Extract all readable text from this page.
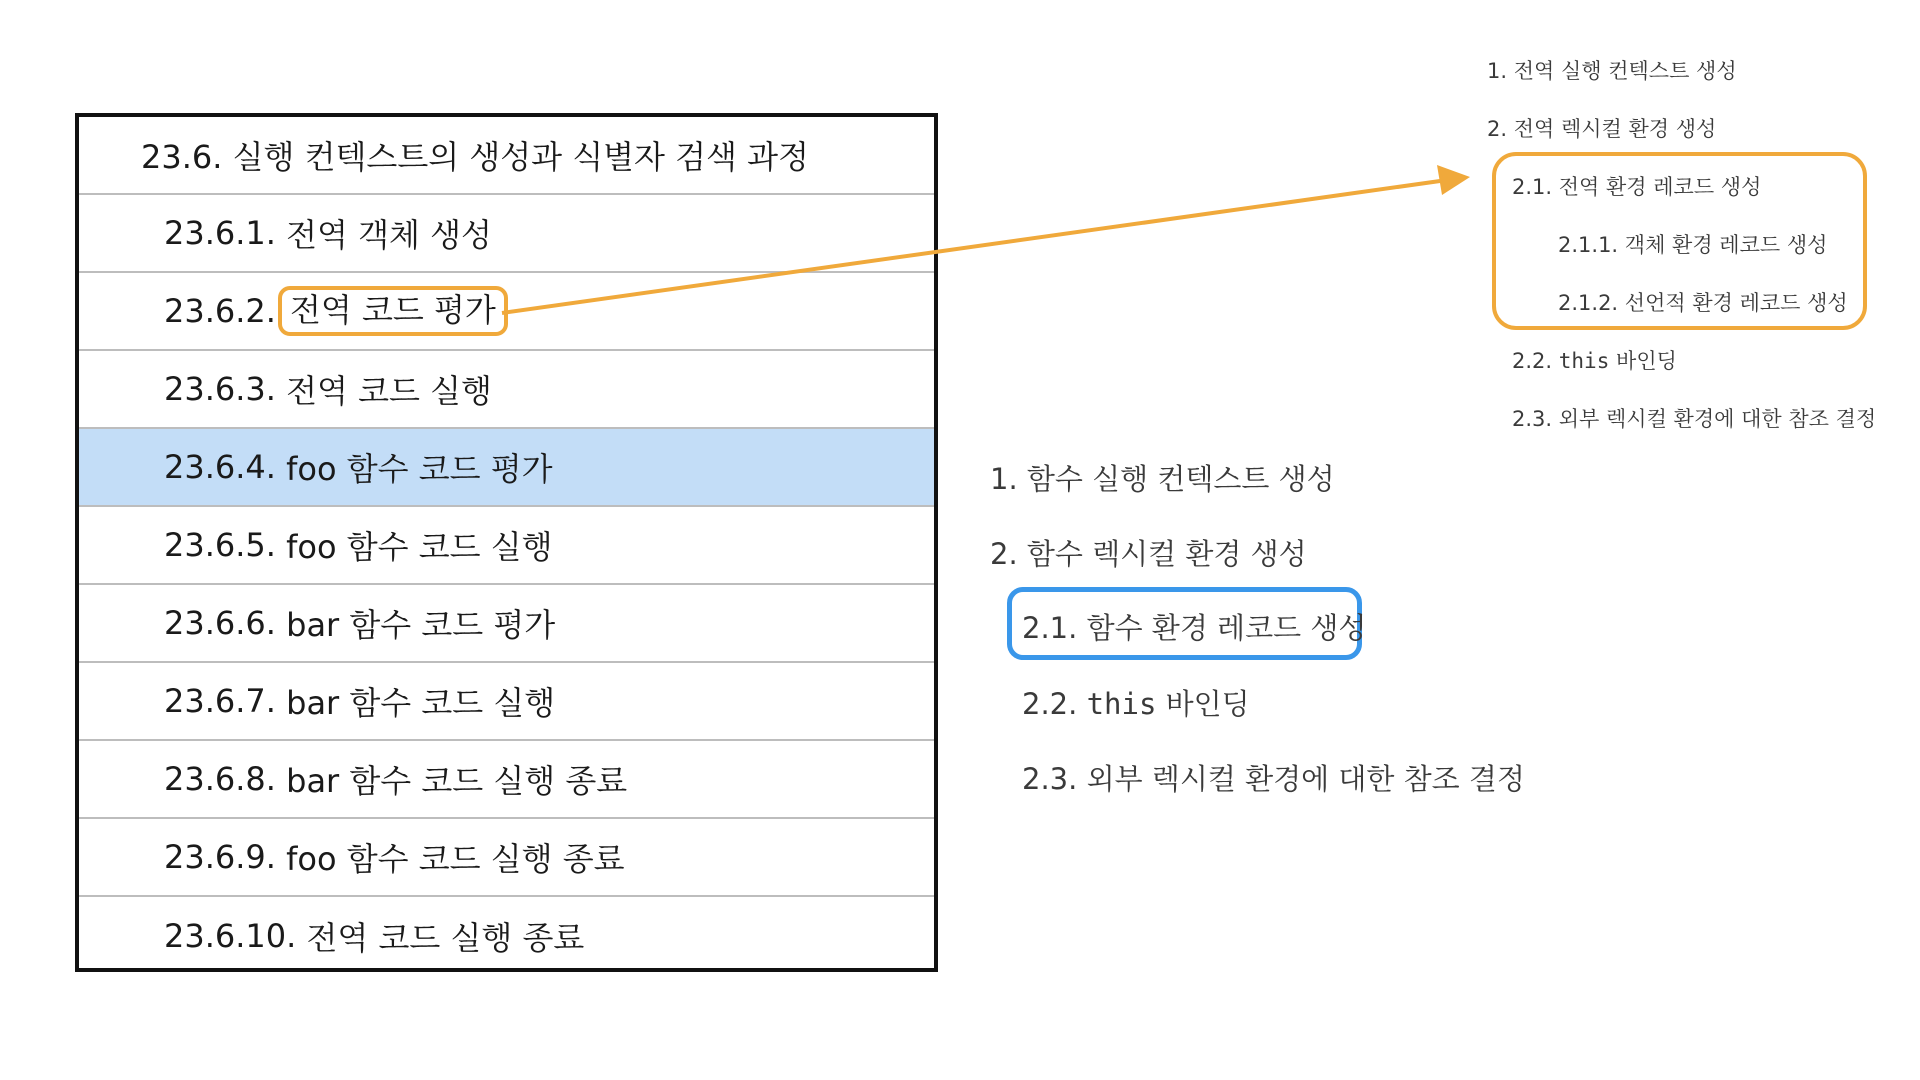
23.6. 실행 컨텍스트의 생성과 식별자 검색 과정
23.6.1.
전역 객체 생성
23.6.2. 전역 코드 평가
23.6.3.
전역 코드 실행
23.6.4.
foo 함수 코드 평가
23.6.5.
foo 함수 코드 실행
23.6.6.
bar 함수 코드 평가
23.6.7.
bar 함수 코드 실행
23.6.8.
bar 함수 코드 실행 종료
23.6.9.
foo 함수 코드 실행 종료
23.6.10.
전역 코드 실행 종료
1. 전역 실행 컨텍스트 생성
2. 전역 렉시컬 환경 생성
2.1. 전역 환경 레코드 생성
2.1.1. 객체 환경 레코드 생성
2.1.2. 선언적 환경 레코드 생성
2.2. this 바인딩
2.3. 외부 렉시컬 환경에 대한 참조 결정
1. 함수 실행 컨텍스트 생성
2. 함수 렉시컬 환경 생성
2.1. 함수 환경 레코드 생성
2.2. this 바인딩
2.3. 외부 렉시컬 환경에 대한 참조 결정
